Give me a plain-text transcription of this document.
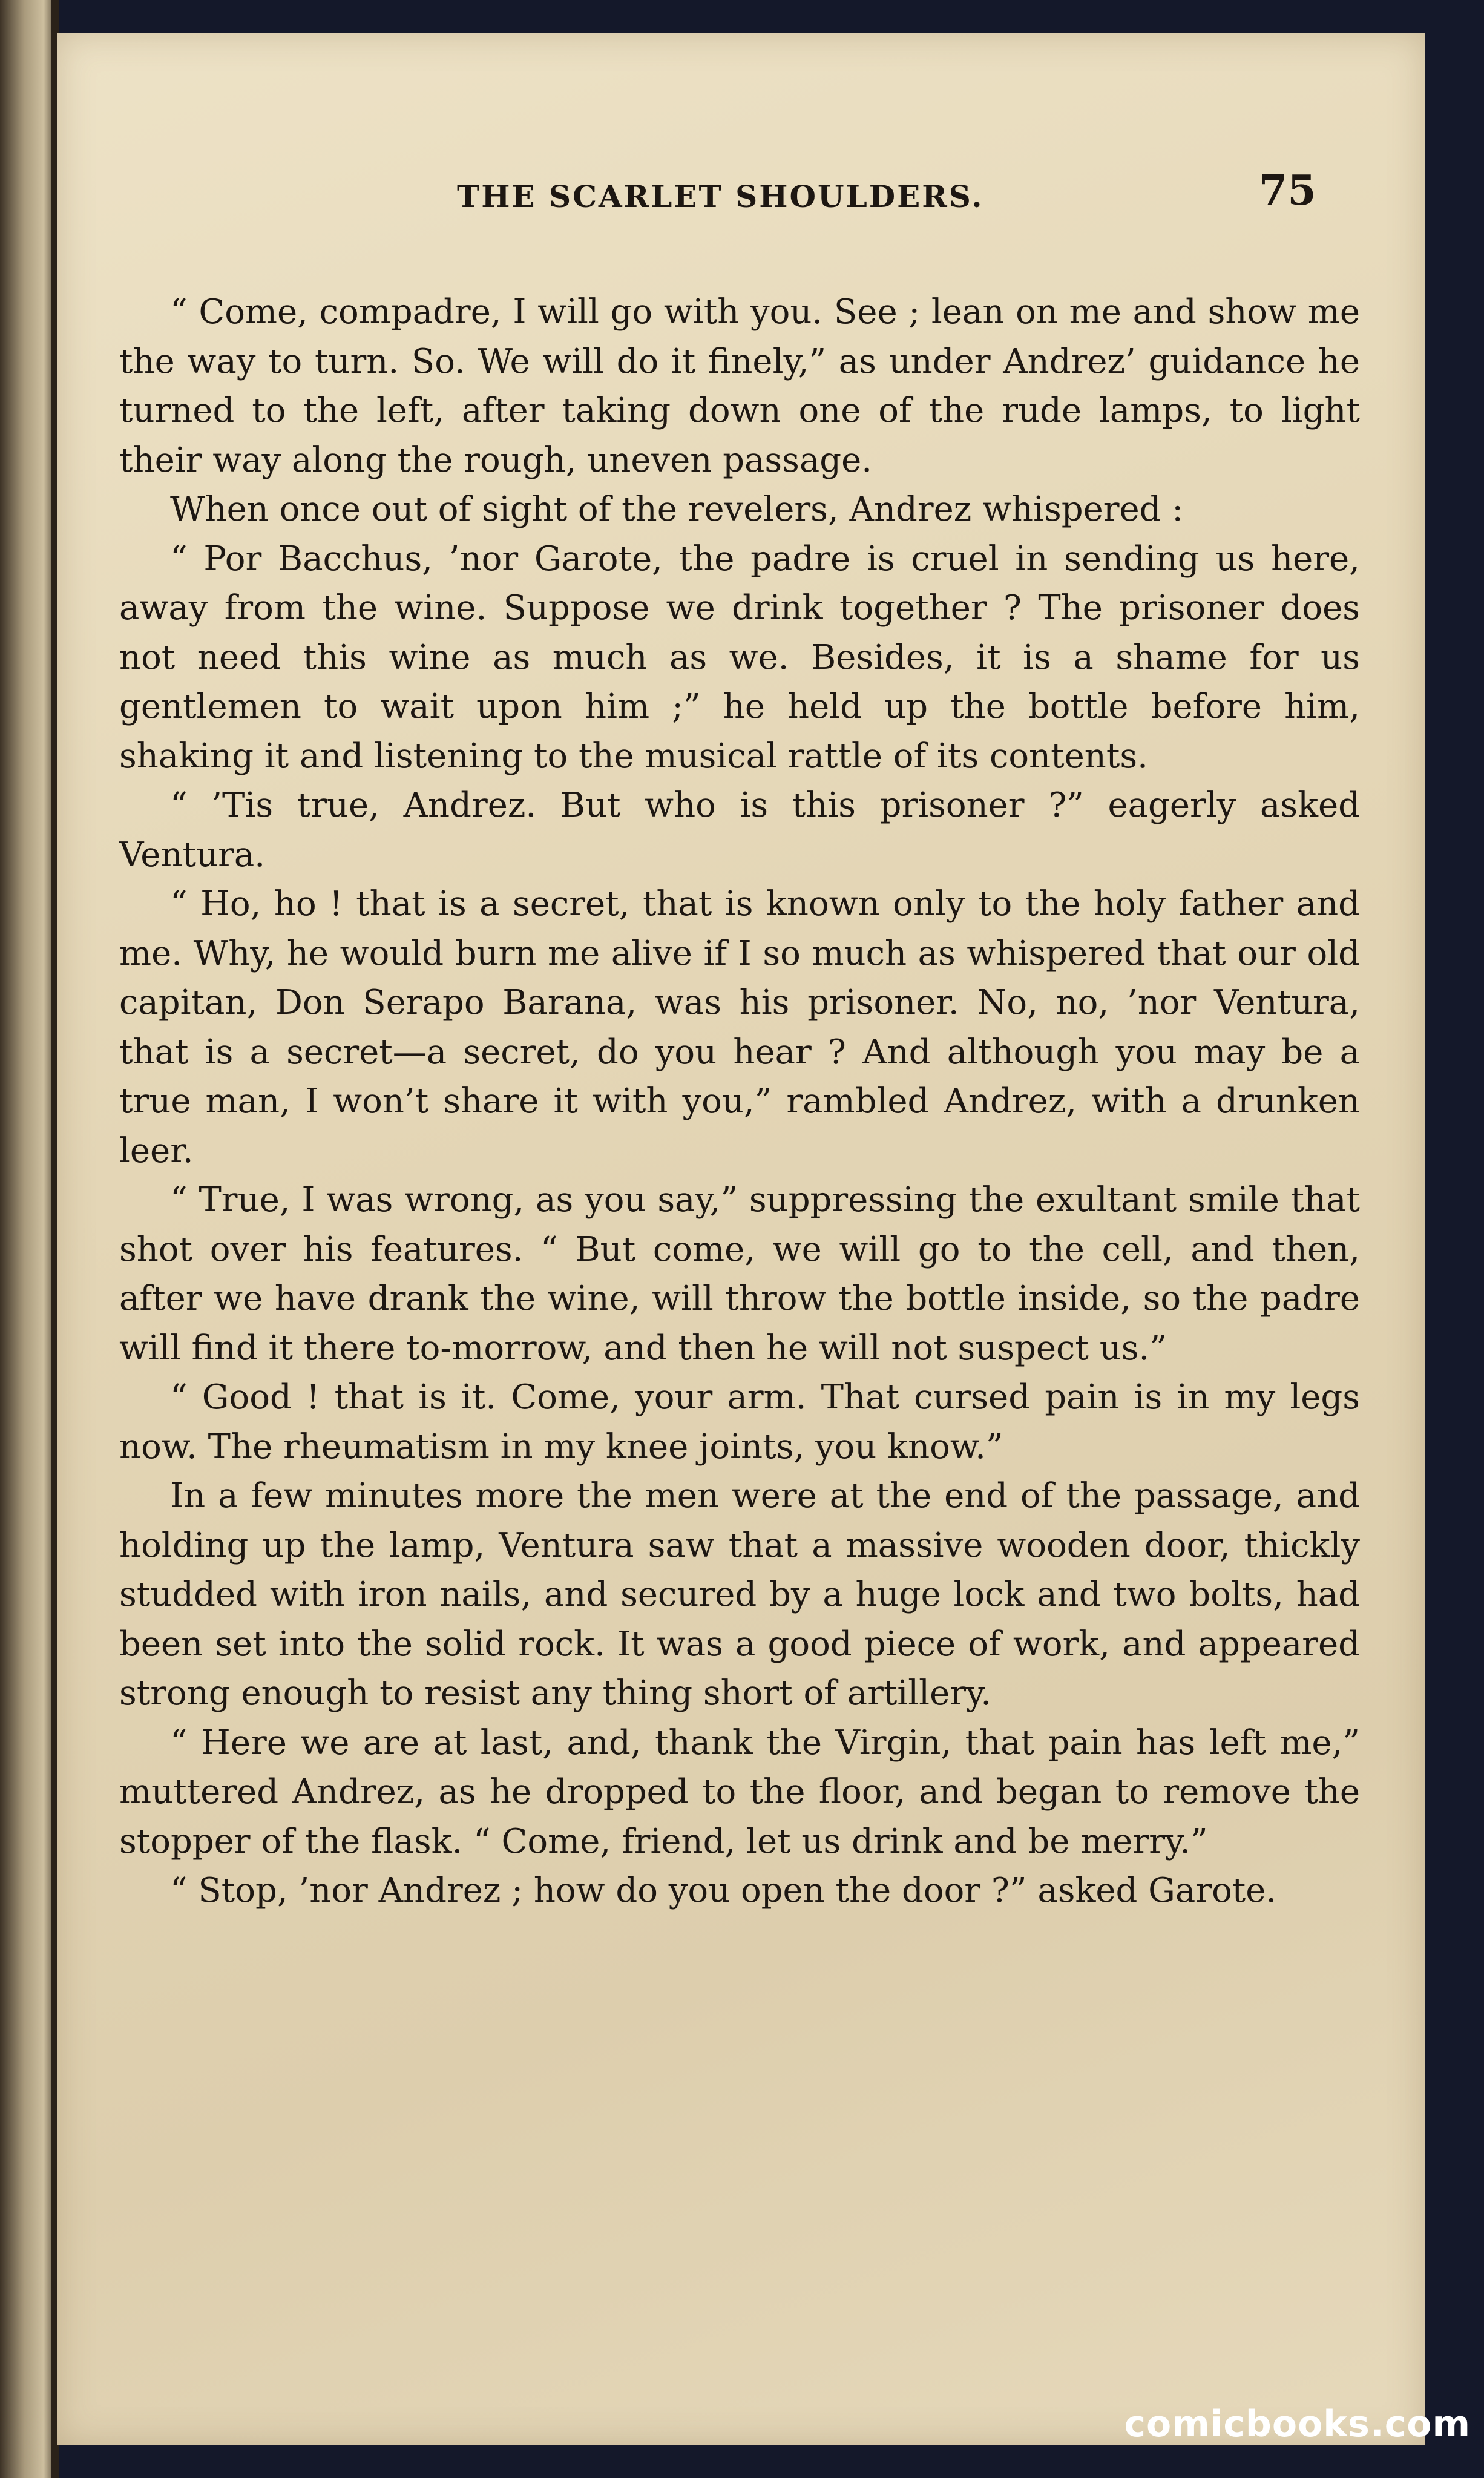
THE SCARLET SHOULDERS.	75

“ Come, compadre, I will go with you. See ; lean on me and show me the way to turn. So. We will do it finely,” as under Andrez’ guidance he turned to the left, after taking down one of the rude lamps, to light their way along the rough, uneven passage.

When once out of sight of the revelers, Andrez whispered :

“ Por Bacchus, ’nor Garote, the padre is cruel in sending us here, away from the wine. Suppose we drink together ? The prisoner does not need this wine as much as we. Besides, it is a shame for us gentlemen to wait upon him ;” he held up the bottle before him, shaking it and listening to the musical rattle of its contents.

“ ’Tis true, Andrez. But who is this prisoner ?” eagerly asked Ventura.

“ Ho, ho ! that is a secret, that is known only to the holy father and me. Why, he would burn me alive if I so much as whispered that our old capitan, Don Serapo Barana, was his prisoner. No, no, ’nor Ventura, that is a secret—a secret, do you hear ? And although you may be a true man, I won’t share it with you,” rambled Andrez, with a drunken leer.

“ True, I was wrong, as you say,” suppressing the exultant smile that shot over his features. “ But come, we will go to the cell, and then, after we have drank the wine, will throw the bottle inside, so the padre will find it there to-morrow, and then he will not suspect us.”

“ Good ! that is it. Come, your arm. That cursed pain is in my legs now. The rheumatism in my knee joints, you know.”

In a few minutes more the men were at the end of the passage, and holding up the lamp, Ventura saw that a massive wooden door, thickly studded with iron nails, and secured by a huge lock and two bolts, had been set into the solid rock. It was a good piece of work, and appeared strong enough to resist any thing short of artillery.

“ Here we are at last, and, thank the Virgin, that pain has left me,” muttered Andrez, as he dropped to the floor, and began to remove the stopper of the flask. “ Come, friend, let us drink and be merry.”

“ Stop, ’nor Andrez ; how do you open the door ?” asked Garote.

comicbooks.com
